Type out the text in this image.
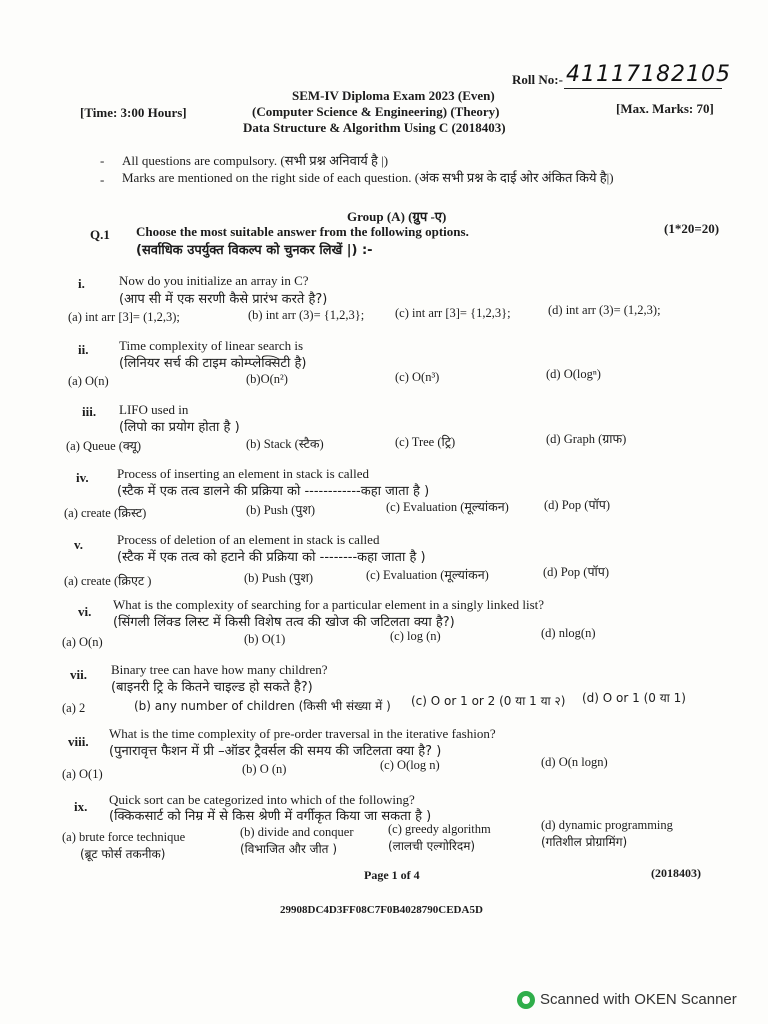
Roll No:- 41117182105
SEM-IV Diploma Exam 2023 (Even)
[Time: 3:00 Hours]	(Computer Science & Engineering) (Theory)	[Max. Marks: 70]
Data Structure & Algorithm Using C (2018403)
- All questions are compulsory. (सभी प्रश्न अनिवार्य है |)
- Marks are mentioned on the right side of each question. (अंक सभी प्रश्न के दाई ओर अंकित किये है|)
Group (A) (ग्रुप -ए)
Q.1 Choose the most suitable answer from the following options.	(1*20=20)
(सर्वाधिक उपर्युक्त विकल्प को चुनकर लिखें |) :-
i.	Now do you initialize an array in C?
(आप सी में एक सरणी कैसे प्रारंभ करते है?)
(a) int arr [3]= (1,2,3);	(b) int arr (3)= {1,2,3}; (c) int arr [3]= {1,2,3};	(d) int arr (3)= (1,2,3);
ii. Time complexity of linear search is
(लिनियर सर्च की टाइम कोम्प्लेक्सिटी है)
(a) O(n)	(b)O(n²)	(c) O(n³)	(d) O(logⁿ)
iii. LIFO used in
(लिपो का प्रयोग होता है )
(a) Queue (क्यू)	(b) Stack (स्टैक)	(c) Tree (ट्रि)	(d) Graph (ग्राफ)
iv. Process of inserting an element in stack is called
(स्टैक में एक तत्व डालने की प्रक्रिया को ------------कहा जाता है )
(a) create (क्रिस्ट)	(b) Push (पुश)	(c) Evaluation (मूल्यांकन)	(d) Pop (पॉप)
v.	Process of deletion of an element in stack is called
(स्टैक में एक तत्व को हटाने की प्रक्रिया को --------कहा जाता है )
(a) create (क्रिएट )	(b) Push (पुश)	(c) Evaluation (मूल्यांकन)	(d) Pop (पॉप)
vi. What is the complexity of searching for a particular element in a singly linked list?
(सिंगली लिंक्ड लिस्ट में किसी विशेष तत्व की खोज की जटिलता क्या है?)
(a) O(n)	(b) O(1)	(c) log (n)	(d) nlog(n)
vii. Binary tree can have how many children?
(बाइनरी ट्रि के कितने चाइल्ड हो सकते है?)
(a) 2	(b) any number of children (किसी भी संख्या में ) (c) O or 1 or 2 (0 या 1 या २) (d) O or 1 (0 या 1)
viii.
What is the time complexity of pre-order traversal in the iterative fashion?
(पुनारावृत्त फैशन में प्री –ऑडर ट्रैवर्सल की समय की जटिलता क्या है? )
(a) O(1)	(b) O (n)	(c) O(log n)	(d) O(n logn)
ix. Quick sort can be categorized into which of the following?
(क्किकसार्ट को निम्र में से किस श्रेणी में वर्गीकृत किया जा सकता है )
(a) brute force technique
(ब्रूट फोर्स तकनीक)
(b) divide and conquer
(विभाजित और जीत )
(c) greedy algorithm
(लालची एल्गोरिदम)
(d) dynamic programming
(गतिशील प्रोग्रामिंग)
Page 1 of 4	(2018403)
29908DC4D3FF08C7F0B4028790CEDA5D
Scanned with OKEN Scanner
